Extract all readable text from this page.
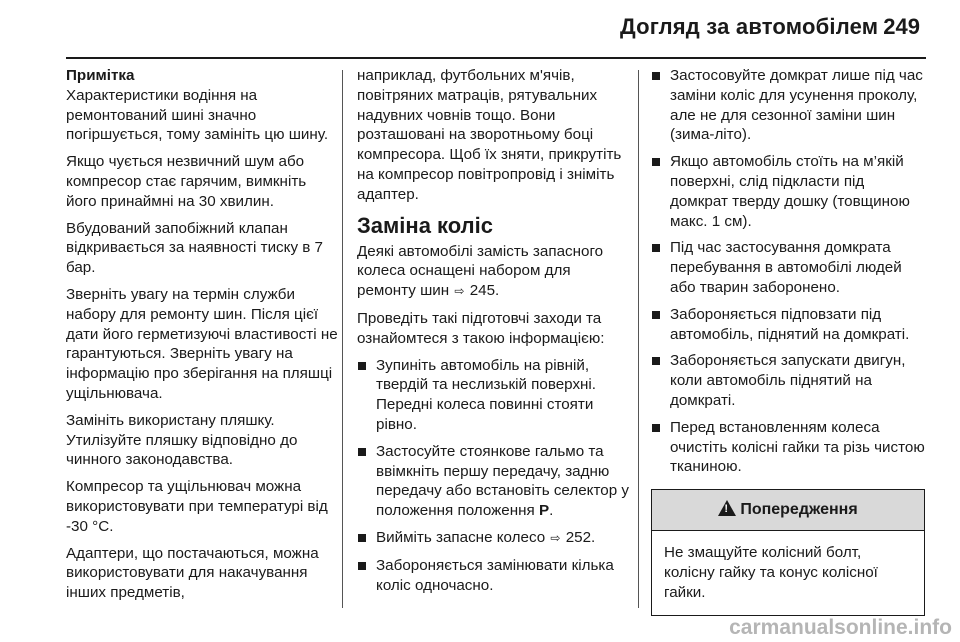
Догляд за автомобілем 249

Примітка

Характеристики водіння на ремонтований шині значно погіршується, тому замініть цю шину.

Якщо чується незвичний шум або компресор стає гарячим, вимкніть його принаймні на 30 хвилин.

Вбудований запобіжний клапан відкривається за наявності тиску в 7 бар.

Зверніть увагу на термін служби набору для ремонту шин. Після цієї дати його герметизуючі властивості не гарантуються. Зверніть увагу на інформацію про зберігання на пляшці ущільнювача.

Замініть використану пляшку. Утилізуйте пляшку відповідно до чинного законодавства.

Компресор та ущільнювач можна використовувати при температурі від -30 °C.

Адаптери, що постачаються, можна використовувати для накачування інших предметів,

наприклад, футбольних м'ячів, повітряних матраців, рятувальних надувних човнів тощо. Вони розташовані на зворотньому боці компресора. Щоб їх зняти, прикрутіть на компресор повітропровід і зніміть адаптер.

Заміна коліс

Деякі автомобілі замість запасного колеса оснащені набором для ремонту шин ⇨ 245.

Проведіть такі підготовчі заходи та ознайомтеся з такою інформацією:

Зупиніть автомобіль на рівній, твердій та неслизькій поверхні. Передні колеса повинні стояти рівно.
Застосуйте стоянкове гальмо та ввімкніть першу передачу, задню передачу або встановіть селектор у положення положення P.
Вийміть запасне колесо ⇨ 252.
Забороняється замінювати кілька коліс одночасно.
Застосовуйте домкрат лише під час заміни коліс для усунення проколу, але не для сезонної заміни шин (зима-літо).
Якщо автомобіль стоїть на м’якій поверхні, слід підкласти під домкрат тверду дошку (товщиною макс. 1 см).
Під час застосування домкрата перебування в автомобілі людей або тварин заборонено.
Забороняється підповзати під автомобіль, піднятий на домкраті.
Забороняється запускати двигун, коли автомобіль піднятий на домкраті.
Перед встановленням колеса очистіть колісні гайки та різь чистою тканиною.
!Попередження
Не змащуйте колісний болт, колісну гайку та конус колісної гайки.
carmanualsonline.info
